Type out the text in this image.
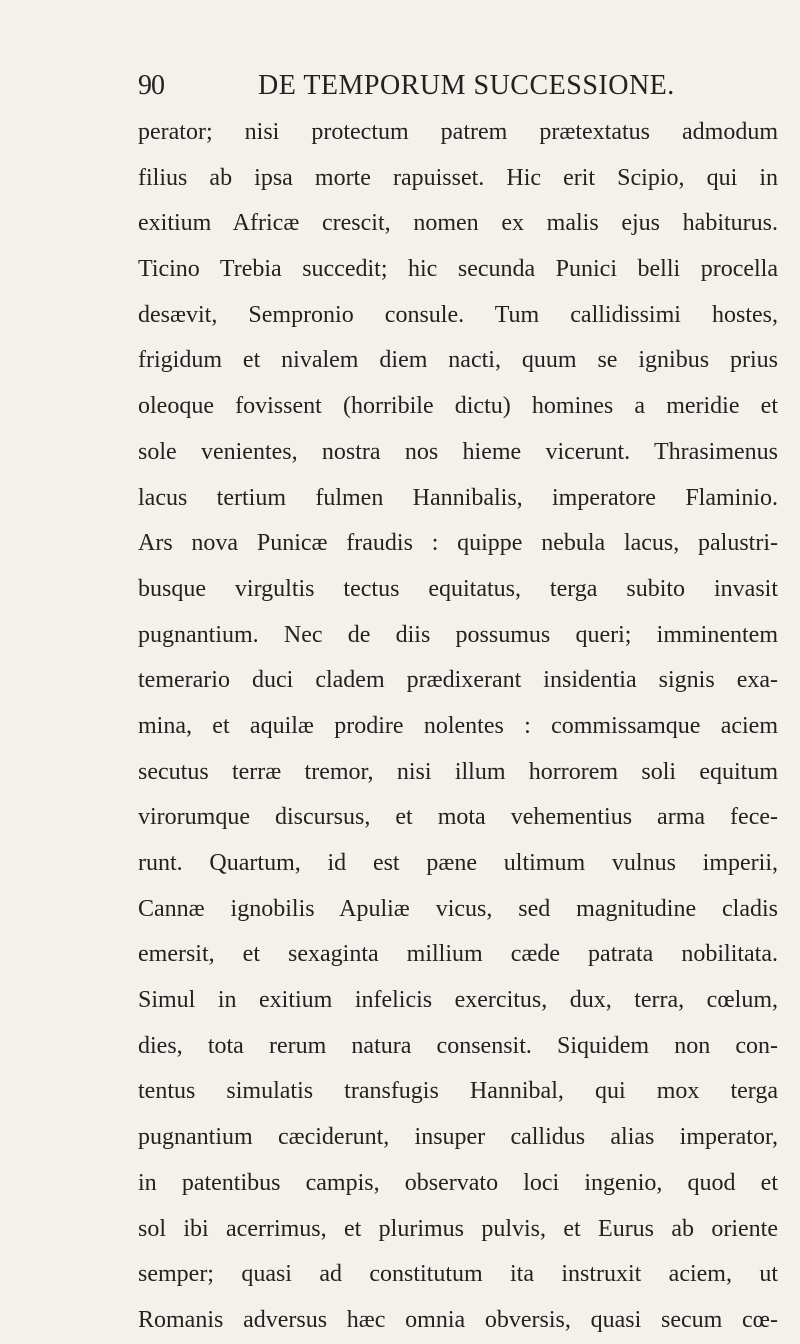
90	DE TEMPORUM SUCCESSIONE.
perator; nisi protectum patrem prætextatus admodum
filius ab ipsa morte rapuisset. Hic erit Scipio, qui in
exitium Africæ crescit, nomen ex malis ejus habiturus.
Ticino Trebia succedit; hic secunda Punici belli procella
desævit, Sempronio consule. Tum callidissimi hostes,
frigidum et nivalem diem nacti, quum se ignibus prius
oleoque fovissent (horribile dictu) homines a meridie et
sole venientes, nostra nos hieme vicerunt. Thrasimenus
lacus tertium fulmen Hannibalis, imperatore Flaminio.
Ars nova Punicæ fraudis : quippe nebula lacus, palustri-
busque virgultis tectus equitatus, terga subito invasit
pugnantium. Nec de diis possumus queri; imminentem
temerario duci cladem prædixerant insidentia signis exa-
mina, et aquilæ prodire nolentes : commissamque aciem
secutus terræ tremor, nisi illum horrorem soli equitum
virorumque discursus, et mota vehementius arma fece-
runt. Quartum, id est pæne ultimum vulnus imperii,
Cannæ ignobilis Apuliæ vicus, sed magnitudine cladis
emersit, et sexaginta millium cæde patrata nobilitata.
Simul in exitium infelicis exercitus, dux, terra, cœlum,
dies, tota rerum natura consensit. Siquidem non con-
tentus simulatis transfugis Hannibal, qui mox terga
pugnantium cæciderunt, insuper callidus alias imperator,
in patentibus campis, observato loci ingenio, quod et
sol ibi acerrimus, et plurimus pulvis, et Eurus ab oriente
semper; quasi ad constitutum ita instruxit aciem, ut
Romanis adversus hæc omnia obversis, quasi secum cœ-
